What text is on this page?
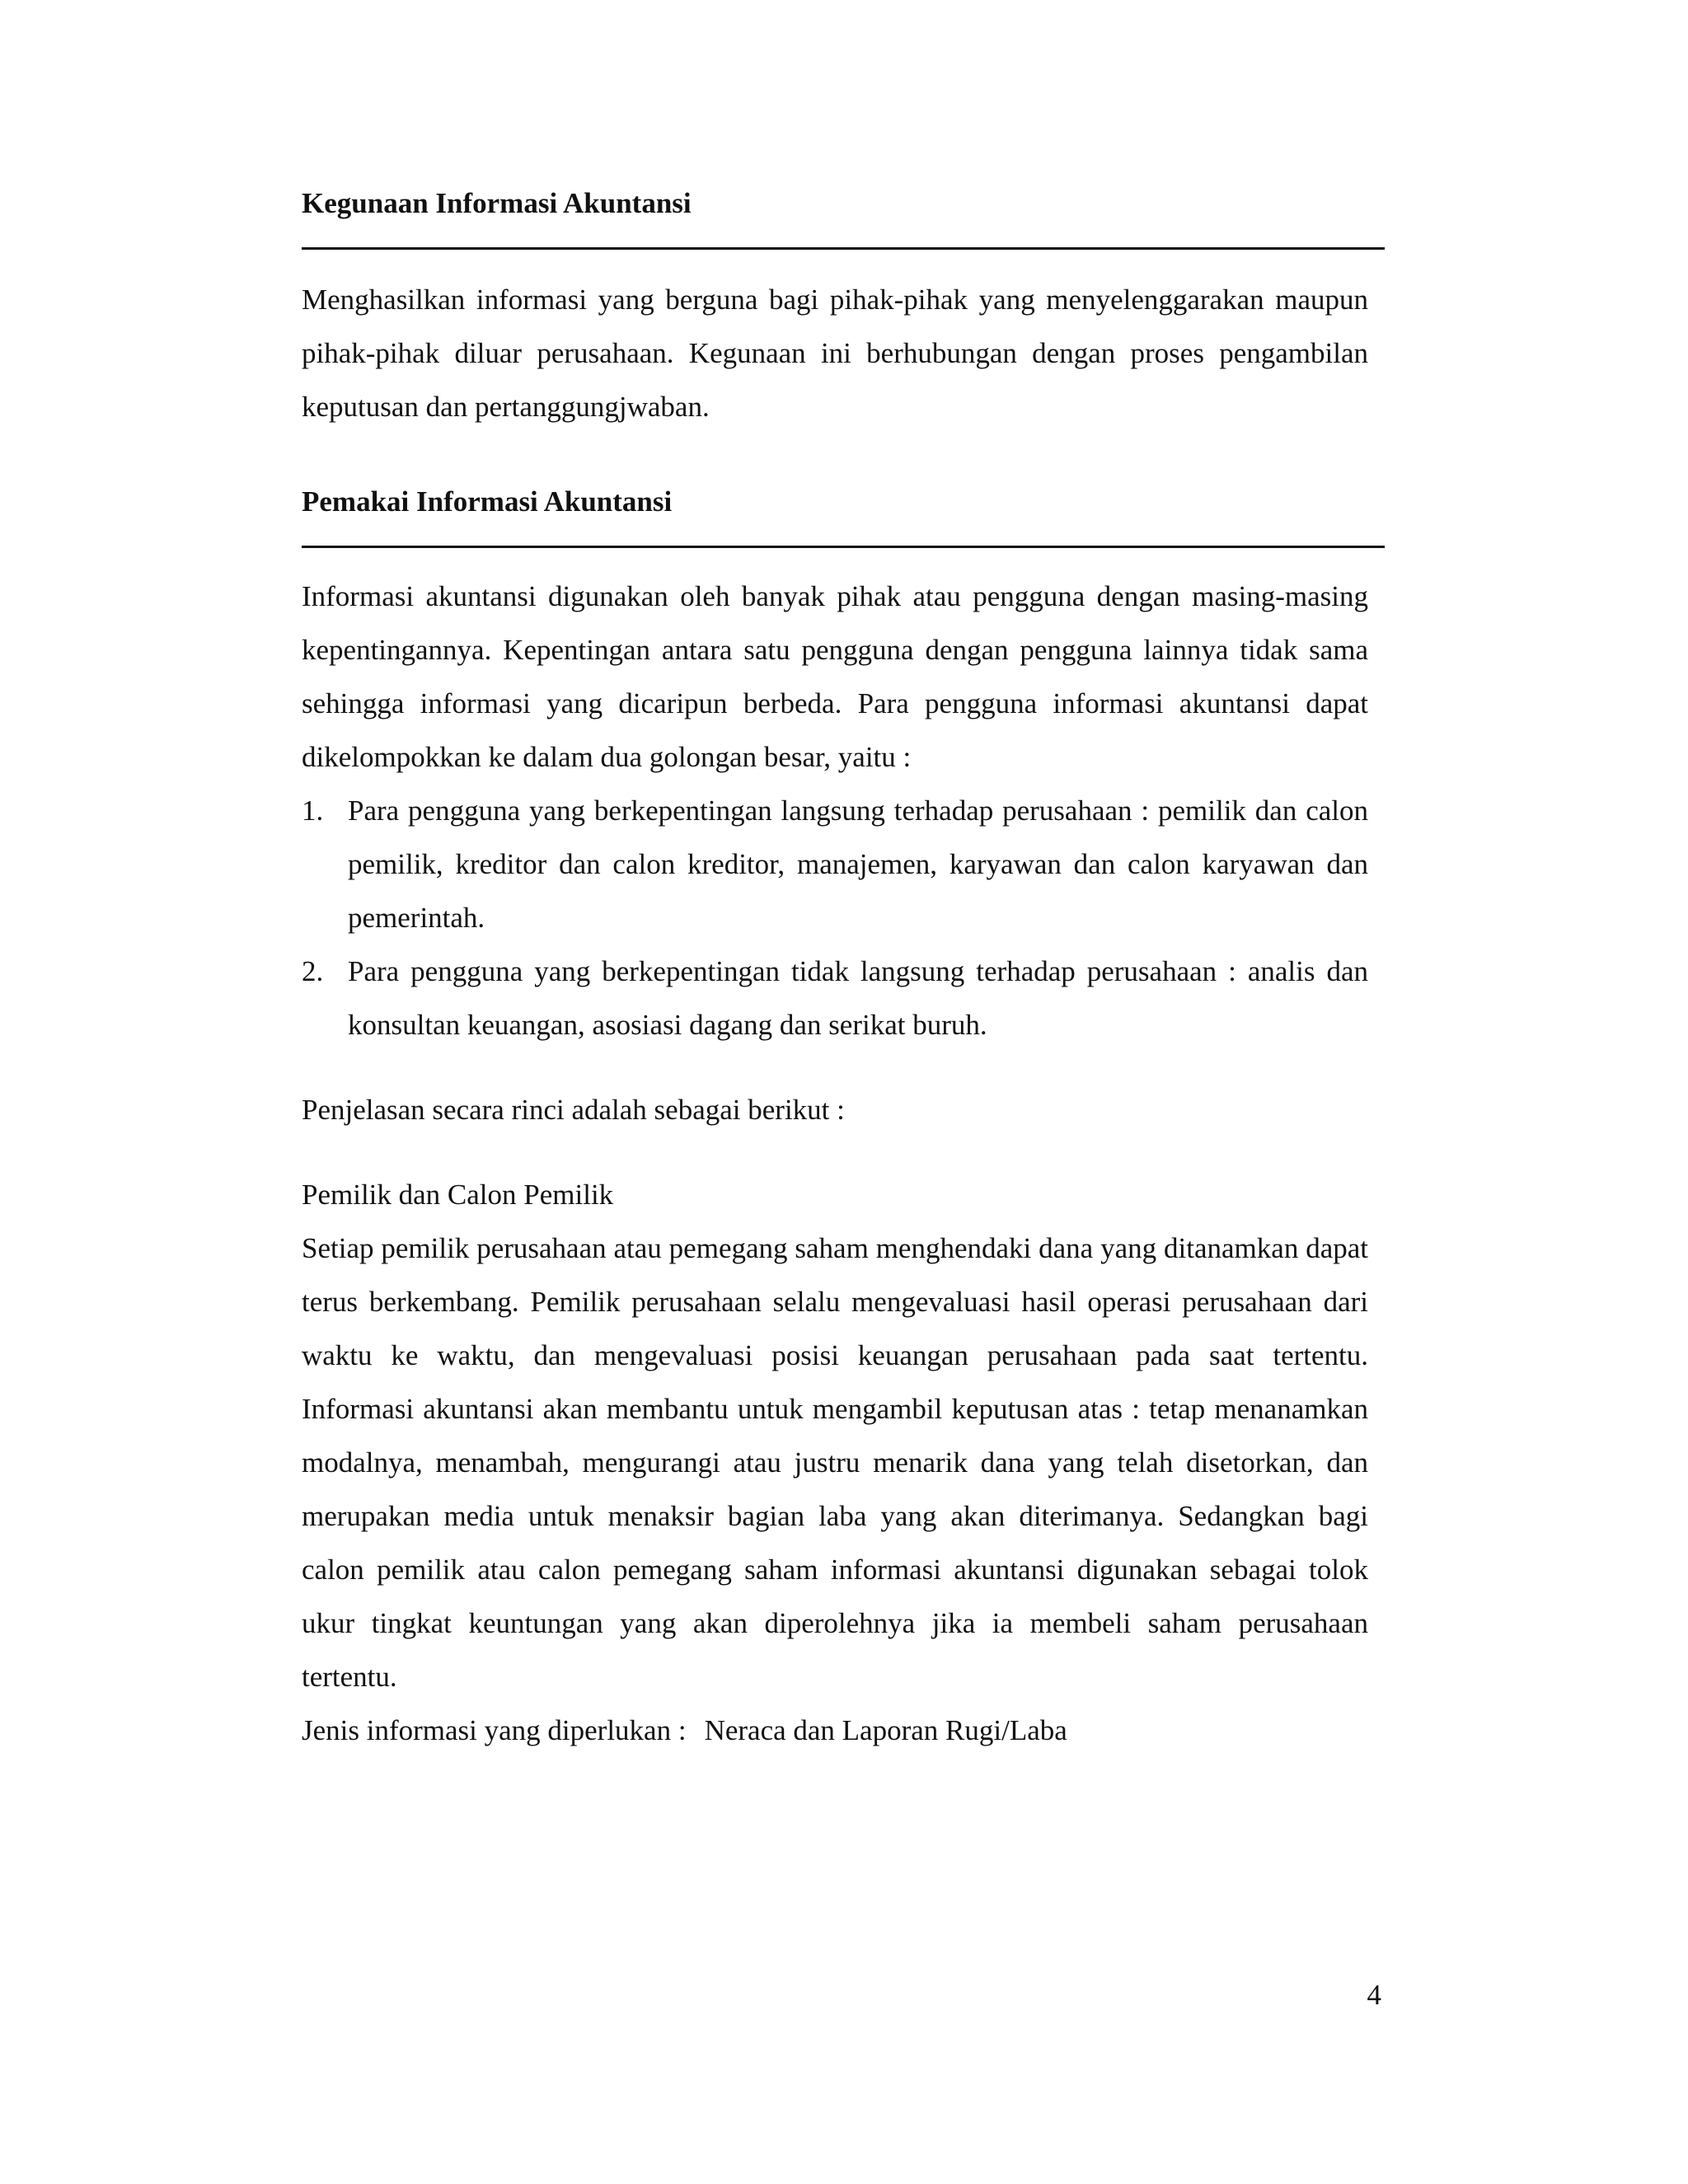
Kegunaan Informasi Akuntansi

Menghasilkan informasi yang berguna bagi pihak-pihak yang menyelenggarakan maupun pihak-pihak diluar perusahaan. Kegunaan ini berhubungan dengan proses pengambilan keputusan dan pertanggungjwaban.

Pemakai Informasi Akuntansi

Informasi akuntansi digunakan oleh banyak pihak atau pengguna dengan masing-masing kepentingannya. Kepentingan antara satu pengguna dengan pengguna lainnya tidak sama sehingga informasi yang dicaripun berbeda. Para pengguna informasi akuntansi dapat dikelompokkan ke dalam dua golongan besar, yaitu :

1. Para pengguna yang berkepentingan langsung terhadap perusahaan : pemilik dan calon pemilik, kreditor dan calon kreditor, manajemen, karyawan dan calon karyawan dan pemerintah.
2. Para pengguna yang berkepentingan tidak langsung terhadap perusahaan : analis dan konsultan keuangan, asosiasi dagang dan serikat buruh.

Penjelasan secara rinci adalah sebagai berikut :

Pemilik dan Calon Pemilik

Setiap pemilik perusahaan atau pemegang saham menghendaki dana yang ditanamkan dapat terus berkembang. Pemilik perusahaan selalu mengevaluasi hasil operasi perusahaan dari waktu ke waktu, dan mengevaluasi posisi keuangan perusahaan pada saat tertentu. Informasi akuntansi akan membantu untuk mengambil keputusan atas : tetap menanamkan modalnya, menambah, mengurangi atau justru menarik dana yang telah disetorkan, dan merupakan media untuk menaksir bagian laba yang akan diterimanya. Sedangkan bagi calon pemilik atau calon pemegang saham informasi akuntansi digunakan sebagai tolok ukur tingkat keuntungan yang akan diperolehnya jika ia membeli saham perusahaan tertentu.

Jenis informasi yang diperlukan : Neraca dan Laporan Rugi/Laba

4
